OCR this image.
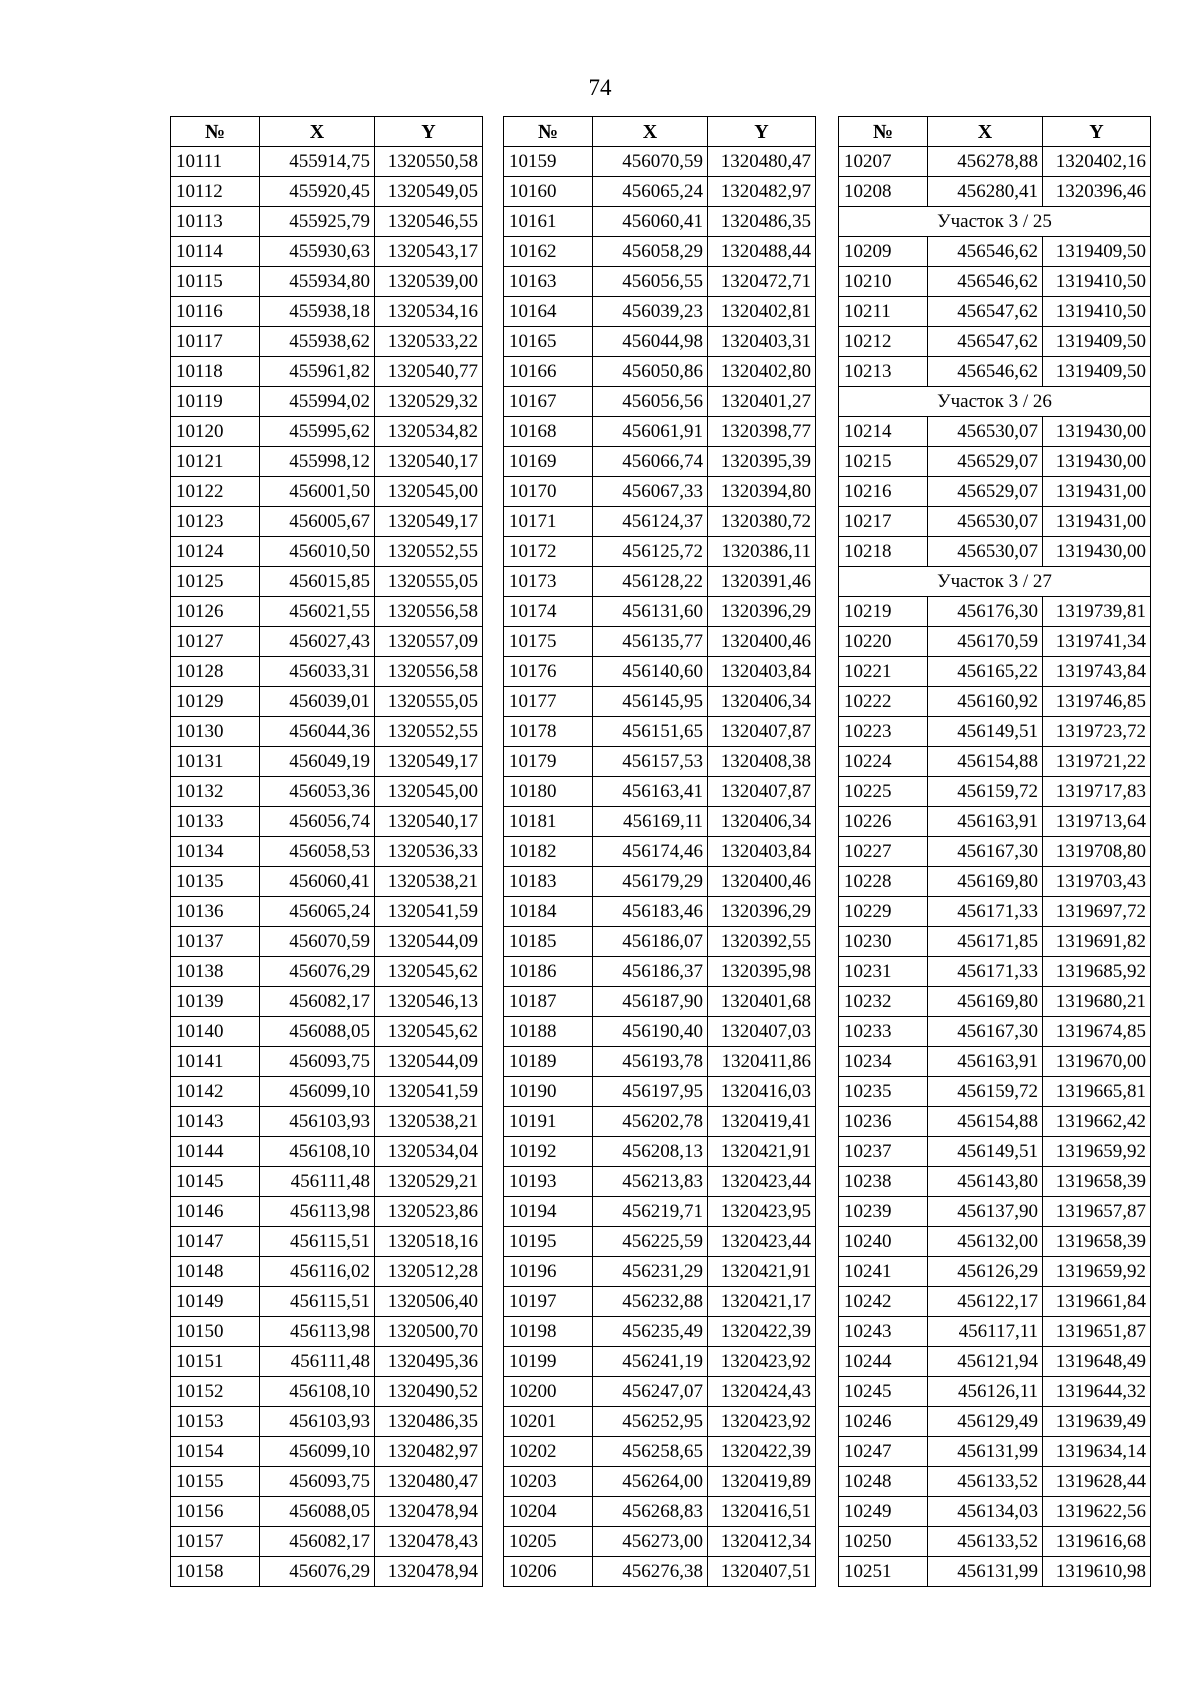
74
№	X	Y
10111	455914,75	1320550,58
10112	455920,45	1320549,05
10113	455925,79	1320546,55
10114	455930,63	1320543,17
10115	455934,80	1320539,00
10116	455938,18	1320534,16
10117	455938,62	1320533,22
10118	455961,82	1320540,77
10119	455994,02	1320529,32
10120	455995,62	1320534,82
10121	455998,12	1320540,17
10122	456001,50	1320545,00
10123	456005,67	1320549,17
10124	456010,50	1320552,55
10125	456015,85	1320555,05
10126	456021,55	1320556,58
10127	456027,43	1320557,09
10128	456033,31	1320556,58
10129	456039,01	1320555,05
10130	456044,36	1320552,55
10131	456049,19	1320549,17
10132	456053,36	1320545,00
10133	456056,74	1320540,17
10134	456058,53	1320536,33
10135	456060,41	1320538,21
10136	456065,24	1320541,59
10137	456070,59	1320544,09
10138	456076,29	1320545,62
10139	456082,17	1320546,13
10140	456088,05	1320545,62
10141	456093,75	1320544,09
10142	456099,10	1320541,59
10143	456103,93	1320538,21
10144	456108,10	1320534,04
10145	456111,48	1320529,21
10146	456113,98	1320523,86
10147	456115,51	1320518,16
10148	456116,02	1320512,28
10149	456115,51	1320506,40
10150	456113,98	1320500,70
10151	456111,48	1320495,36
10152	456108,10	1320490,52
10153	456103,93	1320486,35
10154	456099,10	1320482,97
10155	456093,75	1320480,47
10156	456088,05	1320478,94
10157	456082,17	1320478,43
10158	456076,29	1320478,94
№	X	Y
10159	456070,59	1320480,47
10160	456065,24	1320482,97
10161	456060,41	1320486,35
10162	456058,29	1320488,44
10163	456056,55	1320472,71
10164	456039,23	1320402,81
10165	456044,98	1320403,31
10166	456050,86	1320402,80
10167	456056,56	1320401,27
10168	456061,91	1320398,77
10169	456066,74	1320395,39
10170	456067,33	1320394,80
10171	456124,37	1320380,72
10172	456125,72	1320386,11
10173	456128,22	1320391,46
10174	456131,60	1320396,29
10175	456135,77	1320400,46
10176	456140,60	1320403,84
10177	456145,95	1320406,34
10178	456151,65	1320407,87
10179	456157,53	1320408,38
10180	456163,41	1320407,87
10181	456169,11	1320406,34
10182	456174,46	1320403,84
10183	456179,29	1320400,46
10184	456183,46	1320396,29
10185	456186,07	1320392,55
10186	456186,37	1320395,98
10187	456187,90	1320401,68
10188	456190,40	1320407,03
10189	456193,78	1320411,86
10190	456197,95	1320416,03
10191	456202,78	1320419,41
10192	456208,13	1320421,91
10193	456213,83	1320423,44
10194	456219,71	1320423,95
10195	456225,59	1320423,44
10196	456231,29	1320421,91
10197	456232,88	1320421,17
10198	456235,49	1320422,39
10199	456241,19	1320423,92
10200	456247,07	1320424,43
10201	456252,95	1320423,92
10202	456258,65	1320422,39
10203	456264,00	1320419,89
10204	456268,83	1320416,51
10205	456273,00	1320412,34
10206	456276,38	1320407,51
№	X	Y
10207	456278,88	1320402,16
10208	456280,41	1320396,46
Участок 3 / 25		
10209	456546,62	1319409,50
10210	456546,62	1319410,50
10211	456547,62	1319410,50
10212	456547,62	1319409,50
10213	456546,62	1319409,50
Участок 3 / 26		
10214	456530,07	1319430,00
10215	456529,07	1319430,00
10216	456529,07	1319431,00
10217	456530,07	1319431,00
10218	456530,07	1319430,00
Участок 3 / 27		
10219	456176,30	1319739,81
10220	456170,59	1319741,34
10221	456165,22	1319743,84
10222	456160,92	1319746,85
10223	456149,51	1319723,72
10224	456154,88	1319721,22
10225	456159,72	1319717,83
10226	456163,91	1319713,64
10227	456167,30	1319708,80
10228	456169,80	1319703,43
10229	456171,33	1319697,72
10230	456171,85	1319691,82
10231	456171,33	1319685,92
10232	456169,80	1319680,21
10233	456167,30	1319674,85
10234	456163,91	1319670,00
10235	456159,72	1319665,81
10236	456154,88	1319662,42
10237	456149,51	1319659,92
10238	456143,80	1319658,39
10239	456137,90	1319657,87
10240	456132,00	1319658,39
10241	456126,29	1319659,92
10242	456122,17	1319661,84
10243	456117,11	1319651,87
10244	456121,94	1319648,49
10245	456126,11	1319644,32
10246	456129,49	1319639,49
10247	456131,99	1319634,14
10248	456133,52	1319628,44
10249	456134,03	1319622,56
10250	456133,52	1319616,68
10251	456131,99	1319610,98
